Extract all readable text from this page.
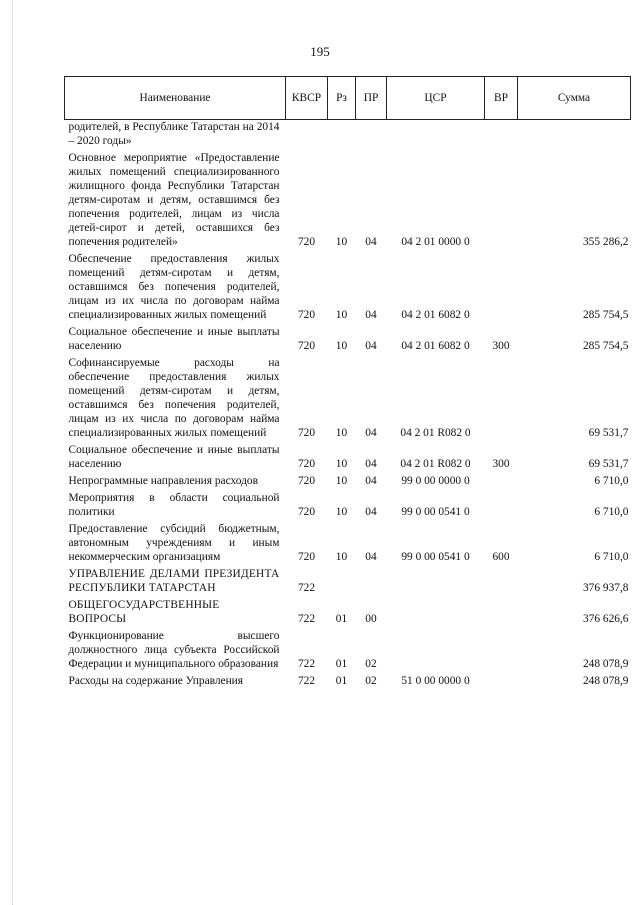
195
Наименование	КВСР	Рз	ПР	ЦСР	ВР	Сумма
родителей, в Республике Татарстан на 2014 – 2020 годы»						
Основное мероприятие «Предоставление жилых помещений специализированного жилищного фонда Республики Татарстан детям-сиротам и детям, оставшимся без попечения родителей, лицам из числа детей-сирот и детей, оставшихся без попечения родителей»	720	10	04	04 2 01 0000 0		355 286,2
Обеспечение предоставления жилых помещений детям-сиротам и детям, оставшимся без попечения родителей, лицам из их числа по договорам найма специализированных жилых помещений	720	10	04	04 2 01 6082 0		285 754,5
Социальное обеспечение и иные выплаты населению	720	10	04	04 2 01 6082 0	300	285 754,5
Софинансируемые расходы на обеспечение предоставления жилых помещений детям-сиротам и детям, оставшимся без попечения родителей, лицам из их числа по договорам найма специализированных жилых помещений	720	10	04	04 2 01 R082 0		69 531,7
Социальное обеспечение и иные выплаты населению	720	10	04	04 2 01 R082 0	300	69 531,7
Непрограммные направления расходов	720	10	04	99 0 00 0000 0		6 710,0
Мероприятия в области социальной политики	720	10	04	99 0 00 0541 0		6 710,0
Предоставление субсидий бюджетным, автономным учреждениям и иным некоммерческим организациям	720	10	04	99 0 00 0541 0	600	6 710,0
УПРАВЛЕНИЕ ДЕЛАМИ ПРЕЗИДЕНТА РЕСПУБЛИКИ ТАТАРСТАН	722					376 937,8
ОБЩЕГОСУДАРСТВЕННЫЕ ВОПРОСЫ	722	01	00			376 626,6
Функционирование высшего должностного лица субъекта Российской Федерации и муниципального образования	722	01	02			248 078,9
Расходы на содержание Управления	722	01	02	51 0 00 0000 0		248 078,9
